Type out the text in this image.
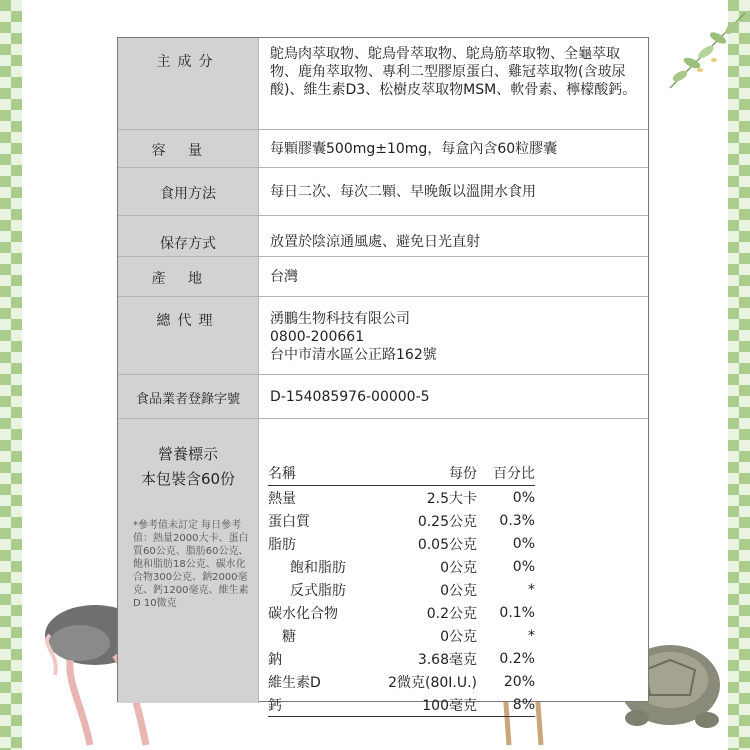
主成分	鴕鳥肉萃取物、鴕鳥骨萃取物、鴕鳥筋萃取物、全龜萃取物、鹿角萃取物、專利二型膠原蛋白、雞冠萃取物(含玻尿酸)、維生素D3、松樹皮萃取物MSM、軟骨素、檸檬酸鈣。
容量	每顆膠囊500mg±10mg，每盒內含60粒膠囊
食用方法	每日二次、每次二顆、早晚飯以溫開水食用
保存方式	放置於陰涼通風處、避免日光直射
產地	台灣
總代理	湧鵬生物科技有限公司
0800-200661
台中市清水區公正路162號
食品業者登錄字號	D-154085976-00000-5
營養標示
本包裝含60份
*參考值未訂定 每日參考值：熱量2000大卡、蛋白質60公克、脂肪60公克、飽和脂肪18公克、碳水化合物300公克、鈉2000毫克、鈣1200毫克、維生素D 10微克
名稱	每份	百分比
熱量	2.5大卡	0%
蛋白質	0.25公克	0.3%
脂肪	0.05公克	0%
飽和脂肪	0公克	0%
反式脂肪	0公克	*
碳水化合物	0.2公克	0.1%
糖	0公克	*
鈉	3.68毫克	0.2%
維生素D	2微克(80I.U.)	20%
鈣	100毫克	8%
